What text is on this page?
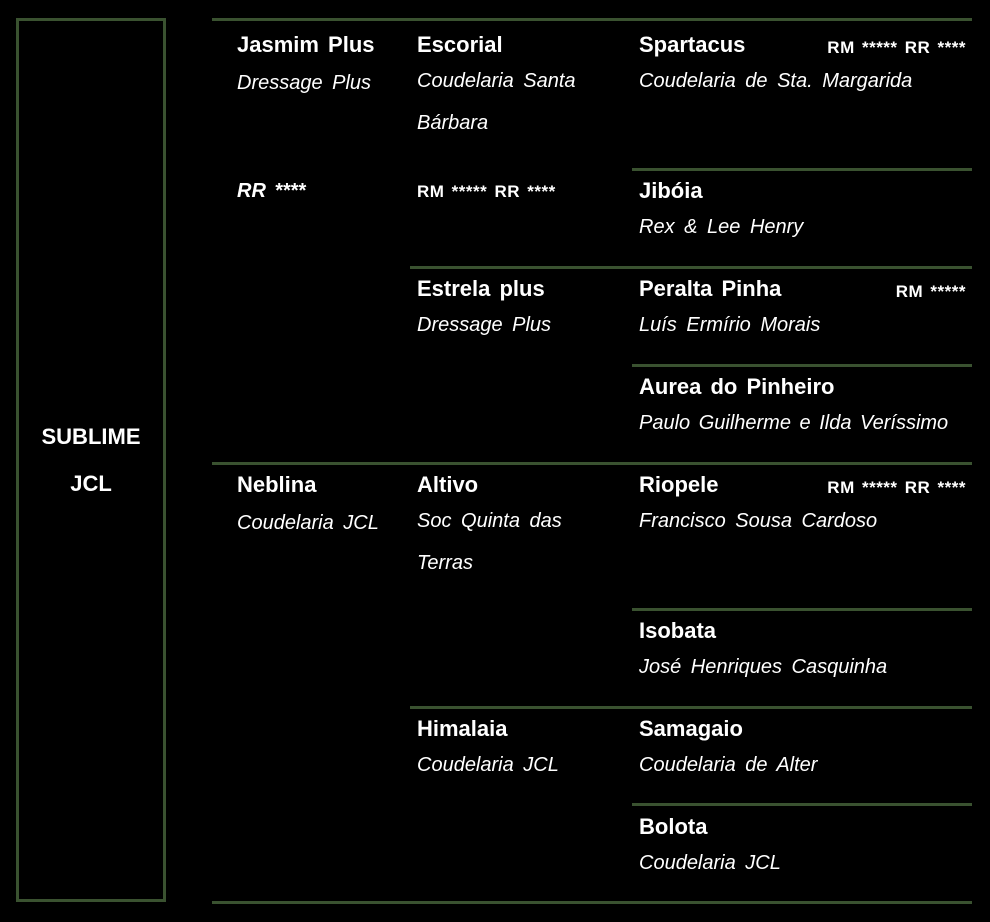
SUBLIME
JCL
Jasmim Plus
Dressage Plus
RR ****
Escorial
Coudelaria Santa Bárbara
RM ***** RR ****
Spartacus
Coudelaria de Sta. Margarida
RM ***** RR ****
Jibóia
Rex & Lee Henry
Estrela plus
Dressage Plus
Peralta Pinha
Luís Ermírio Morais
RM *****
Aurea do Pinheiro
Paulo Guilherme e Ilda Veríssimo
Neblina
Coudelaria JCL
Altivo
Soc Quinta das Terras
Riopele
Francisco Sousa Cardoso
RM ***** RR ****
Isobata
José Henriques Casquinha
Himalaia
Coudelaria JCL
Samagaio
Coudelaria de Alter
Bolota
Coudelaria JCL
